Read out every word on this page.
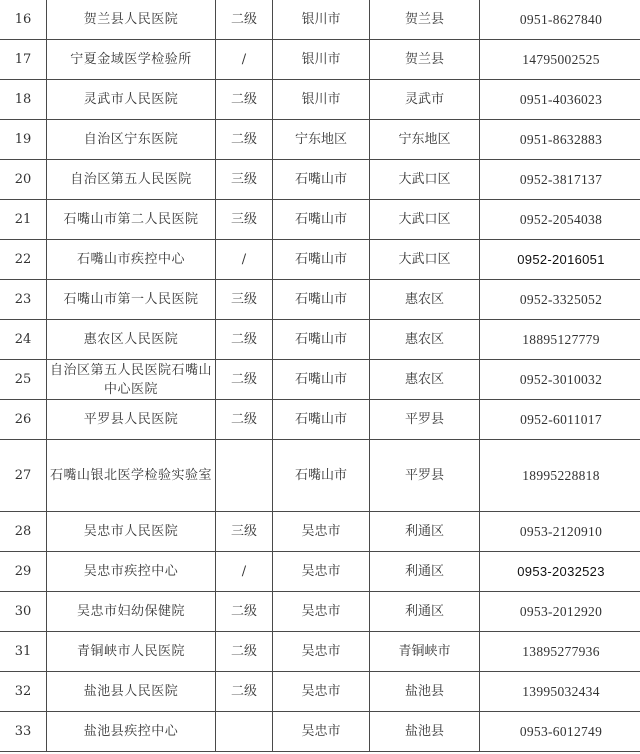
16	贺兰县人民医院	二级	银川市	贺兰县	0951-8627840
17	宁夏金域医学检验所	/	银川市	贺兰县	14795002525
18	灵武市人民医院	二级	银川市	灵武市	0951-4036023
19	自治区宁东医院	二级	宁东地区	宁东地区	0951-8632883
20	自治区第五人民医院	三级	石嘴山市	大武口区	0952-3817137
21	石嘴山市第二人民医院	三级	石嘴山市	大武口区	0952-2054038
22	石嘴山市疾控中心	/	石嘴山市	大武口区	0952-2016051
23	石嘴山市第一人民医院	三级	石嘴山市	惠农区	0952-3325052
24	惠农区人民医院	二级	石嘴山市	惠农区	18895127779
25	自治区第五人民医院石嘴山中心医院	二级	石嘴山市	惠农区	0952-3010032
26	平罗县人民医院	二级	石嘴山市	平罗县	0952-6011017
27	石嘴山银北医学检验实验室		石嘴山市	平罗县	18995228818
28	吴忠市人民医院	三级	吴忠市	利通区	0953-2120910
29	吴忠市疾控中心	/	吴忠市	利通区	0953-2032523
30	吴忠市妇幼保健院	二级	吴忠市	利通区	0953-2012920
31	青铜峡市人民医院	二级	吴忠市	青铜峡市	13895277936
32	盐池县人民医院	二级	吴忠市	盐池县	13995032434
33	盐池县疾控中心		吴忠市	盐池县	0953-6012749
